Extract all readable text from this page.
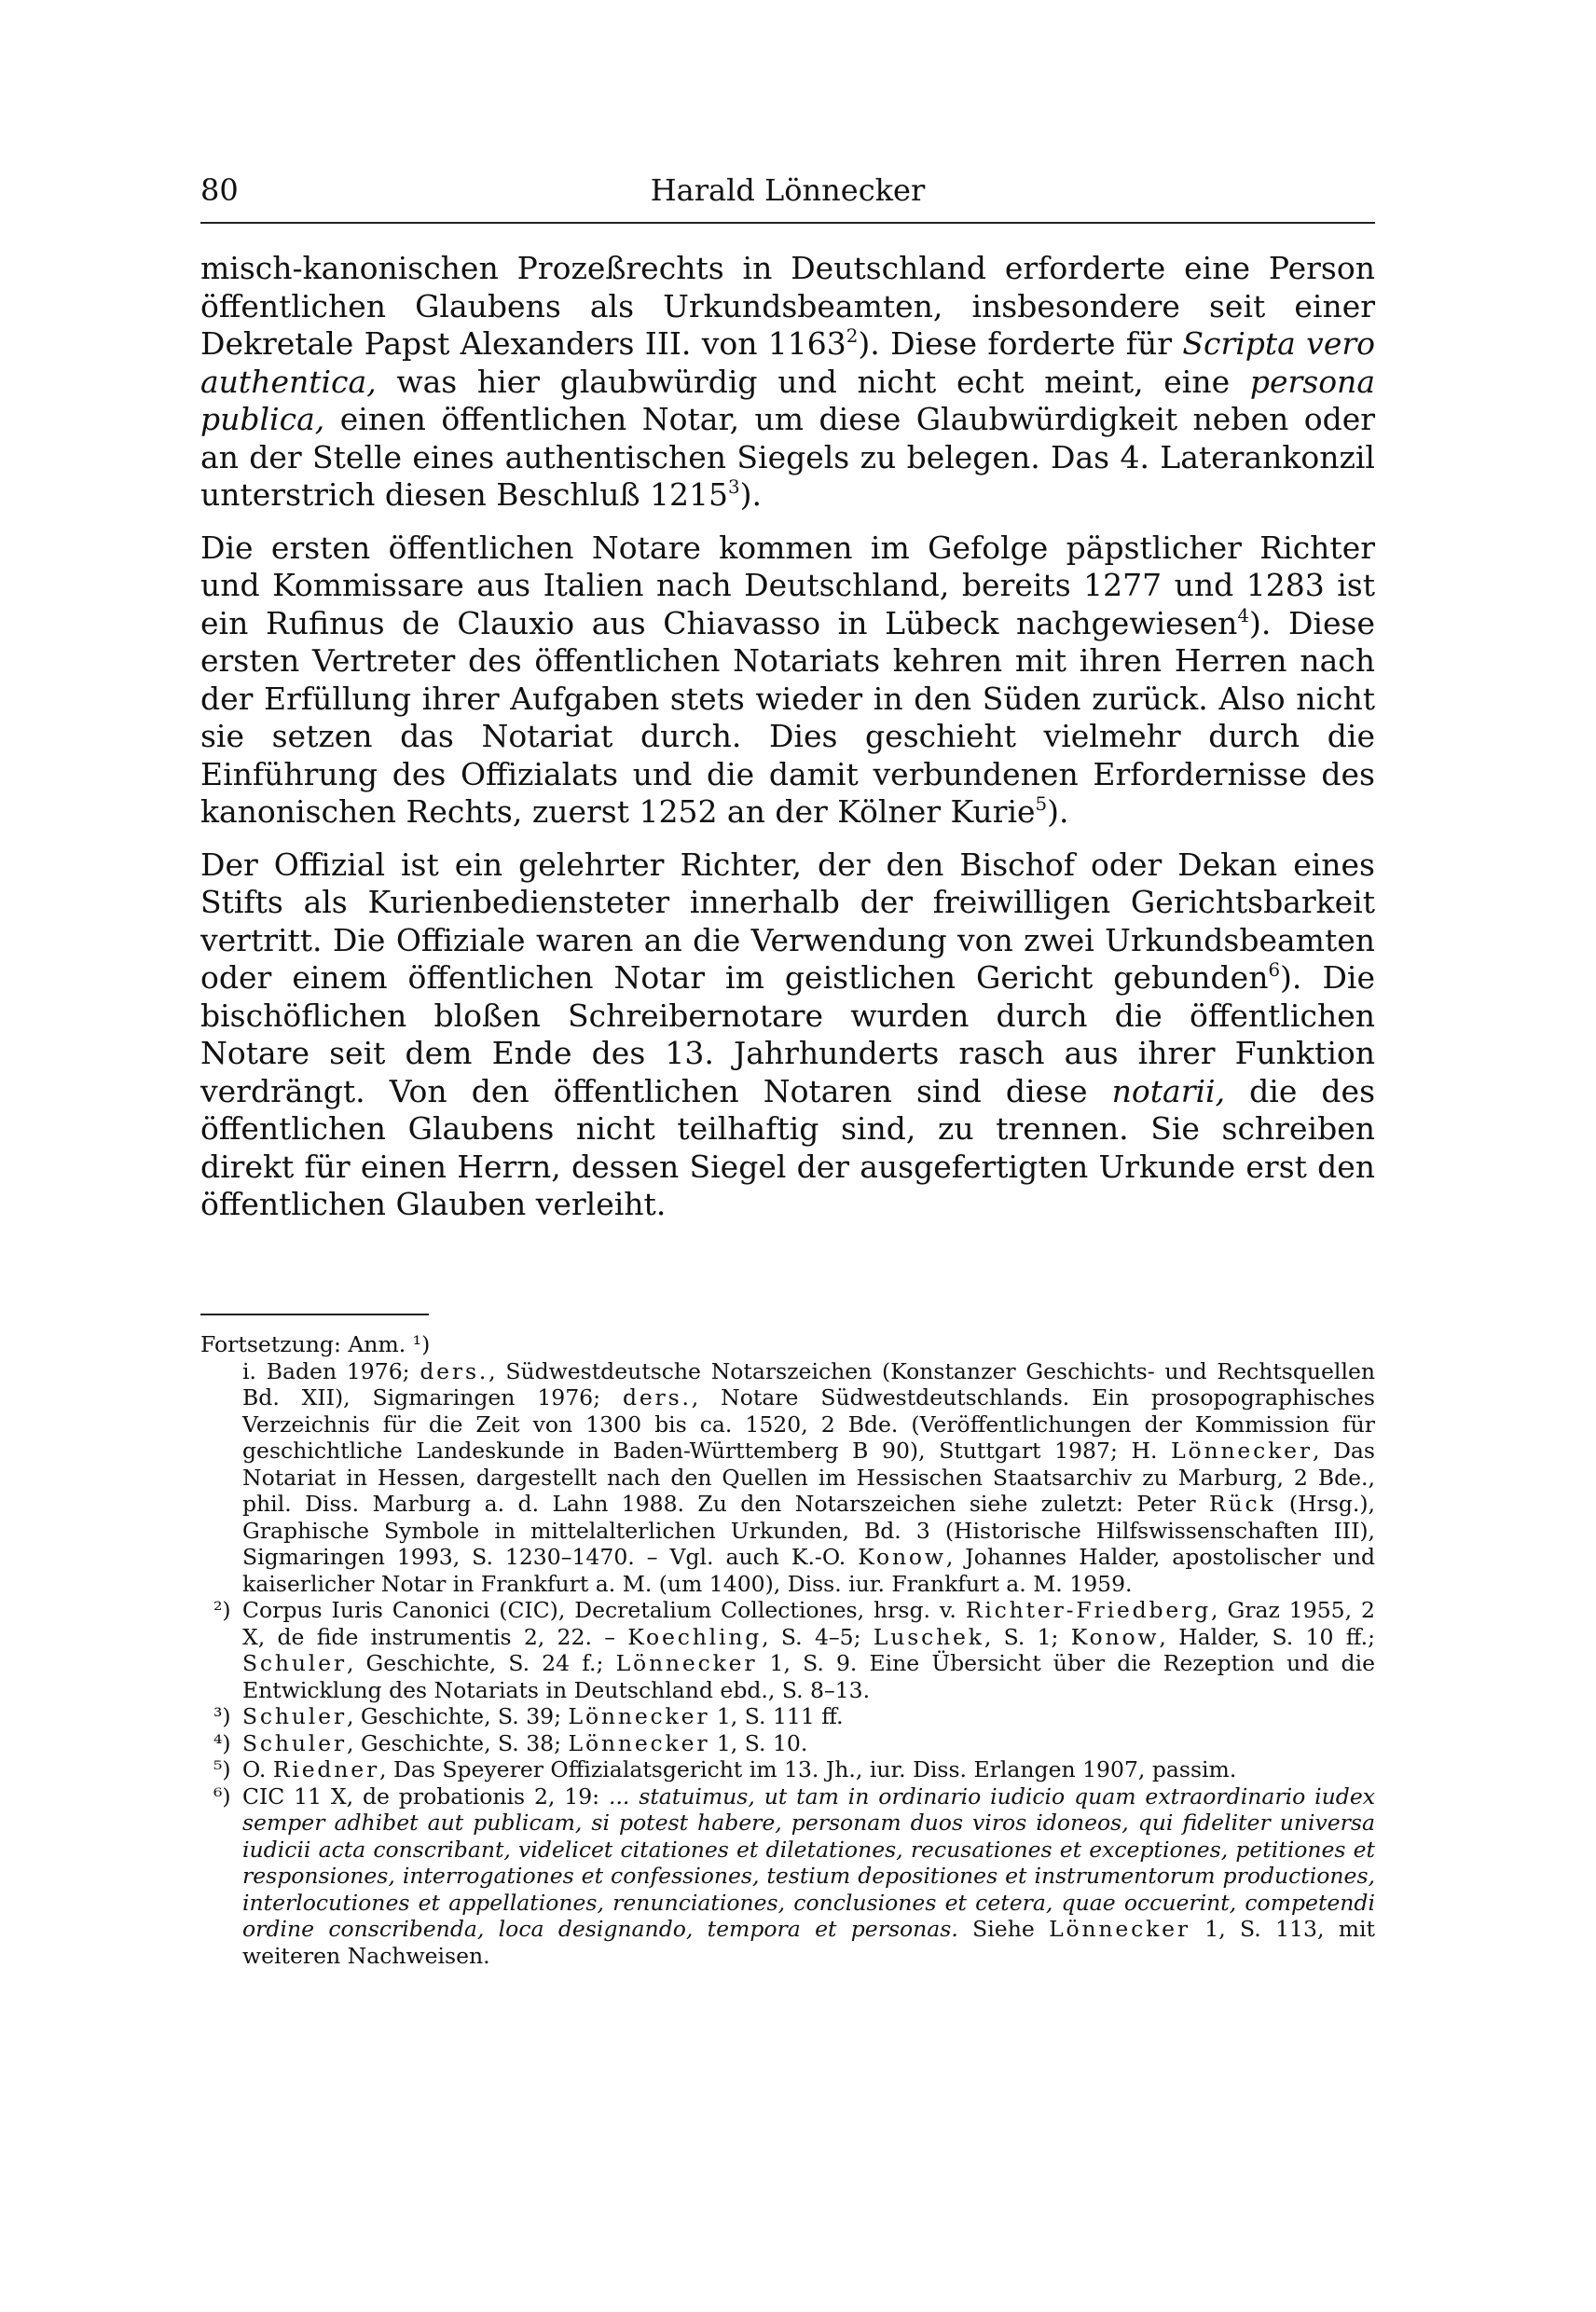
80	Harald Lönnecker

misch-kanonischen Prozeßrechts in Deutschland erforderte eine Person öffentlichen Glaubens als Urkundsbeamten, insbesondere seit einer Dekretale Papst Alexanders III. von 1163$^2$). Diese forderte für Scripta vero authentica, was hier glaubwürdig und nicht echt meint, eine persona publica, einen öffentlichen Notar, um diese Glaubwürdigkeit neben oder an der Stelle eines authentischen Siegels zu belegen. Das 4. Laterankonzil unterstrich diesen Beschluß 1215$^3$).

Die ersten öffentlichen Notare kommen im Gefolge päpstlicher Richter und Kommissare aus Italien nach Deutschland, bereits 1277 und 1283 ist ein Rufinus de Clauxio aus Chiavasso in Lübeck nachgewiesen$^4$). Diese ersten Vertreter des öffentlichen Notariats kehren mit ihren Herren nach der Erfüllung ihrer Aufgaben stets wieder in den Süden zurück. Also nicht sie setzen das Notariat durch. Dies geschieht vielmehr durch die Einführung des Offizialats und die damit verbundenen Erfordernisse des kanonischen Rechts, zuerst 1252 an der Kölner Kurie$^5$).

Der Offizial ist ein gelehrter Richter, der den Bischof oder Dekan eines Stifts als Kurienbediensteter innerhalb der freiwilligen Gerichtsbarkeit vertritt. Die Offiziale waren an die Verwendung von zwei Urkundsbeamten oder einem öffentlichen Notar im geistlichen Gericht gebunden$^6$). Die bischöflichen bloßen Schreibernotare wurden durch die öffentlichen Notare seit dem Ende des 13. Jahrhunderts rasch aus ihrer Funktion verdrängt. Von den öffentlichen Notaren sind diese notarii, die des öffentlichen Glaubens nicht teilhaftig sind, zu trennen. Sie schreiben direkt für einen Herrn, dessen Siegel der ausgefertigten Urkunde erst den öffentlichen Glauben verleiht.

Fortsetzung: Anm. ¹)
i. Baden 1976; ders., Südwestdeutsche Notarszeichen (Konstanzer Geschichts- und Rechtsquellen Bd. XII), Sigmaringen 1976; ders., Notare Südwestdeutschlands. Ein prosopographisches Verzeichnis für die Zeit von 1300 bis ca. 1520, 2 Bde. (Veröffentlichungen der Kommission für geschichtliche Landeskunde in Baden-Württemberg B 90), Stuttgart 1987; H. Lönnecker, Das Notariat in Hessen, dargestellt nach den Quellen im Hessischen Staatsarchiv zu Marburg, 2 Bde., phil. Diss. Marburg a. d. Lahn 1988. Zu den Notarszeichen siehe zuletzt: Peter Rück (Hrsg.), Graphische Symbole in mittelalterlichen Urkunden, Bd. 3 (Historische Hilfswissenschaften III), Sigmaringen 1993, S. 1230–1470. – Vgl. auch K.-O. Konow, Johannes Halder, apostolischer und kaiserlicher Notar in Frankfurt a. M. (um 1400), Diss. iur. Frankfurt a. M. 1959.
²) Corpus Iuris Canonici (CIC), Decretalium Collectiones, hrsg. v. Richter-Friedberg, Graz 1955, 2 X, de fide instrumentis 2, 22. – Koechling, S. 4–5; Luschek, S. 1; Konow, Halder, S. 10 ff.; Schuler, Geschichte, S. 24 f.; Lönnecker 1, S. 9. Eine Übersicht über die Rezeption und die Entwicklung des Notariats in Deutschland ebd., S. 8–13.
³) Schuler, Geschichte, S. 39; Lönnecker 1, S. 111 ff.
⁴) Schuler, Geschichte, S. 38; Lönnecker 1, S. 10.
⁵) O. Riedner, Das Speyerer Offizialatsgericht im 13. Jh., iur. Diss. Erlangen 1907, passim.
⁶) CIC 11 X, de probationis 2, 19: ... statuimus, ut tam in ordinario iudicio quam extraordinario iudex semper adhibet aut publicam, si potest habere, personam duos viros idoneos, qui fideliter universa iudicii acta conscribant, videlicet citationes et diletationes, recusationes et exceptiones, petitiones et responsiones, interrogationes et confessiones, testium depositiones et instrumentorum productiones, interlocutiones et appellationes, renunciationes, conclusiones et cetera, quae occuerint, competendi ordine conscribenda, loca designando, tempora et personas. Siehe Lönnecker 1, S. 113, mit weiteren Nachweisen.
